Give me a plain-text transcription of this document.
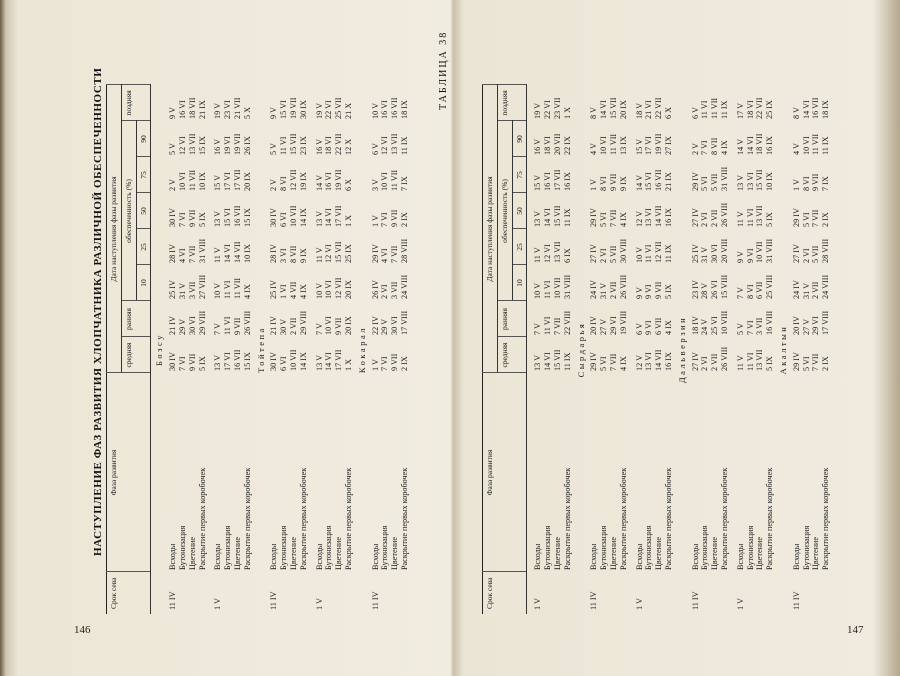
146
НАСТУПЛЕНИЕ ФАЗ РАЗВИТИЯ ХЛОПЧАТНИКА РАЗЛИЧНОЙ ОБЕСПЕЧЕННОСТИ	ТАБЛИЦА 38
Срок сева	Фаза развития	Дата наступления фазы развития							
		средняя	ранняя	обеспеченность (%)					поздняя
				10	25	50	75	90	
Бозсу									
11 IV	Всходы	30 IV	21 IV	25 IV	28 IV	30 IV	2 V	5 V	9 V
	Бутонизация	7 VI	29 V	31 V	4 VI	7 VI	10 VI	12 VI	16 VI
	Цветение	9 VII	30 VI	3 VII	7 VII	9 VII	11 VII	13 VII	18 VII
	Раскрытие первых коробочек	5 IX	29 VIII	27 VIII	31 VIII	5 IX	10 IX	15 IX	21 IX

1 V	Всходы	13 V	7 V	10 V	11 V	13 V	15 V	16 V	19 V
	Бутонизация	17 VI	11 VI	11 VI	14 VI	15 VI	17 VI	19 VI	23 VI
	Цветение	16 VII	9 VII	11 VII	14 VII	16 VII	17 VII	19 VII	21 VII
	Раскрытие первых коробочек	15 IX	26 VIII	4 IX	10 IX	15 IX	20 IX	26 IX	5 X
Тойтепа									
11 IV	Всходы	30 IV	21 IV	25 IV	28 IV	30 IV	2 V	5 V	9 V
	Бутонизация	6 VI	30 V	1 VI	3 VI	6 VI	8 VI	11 VI	15 VI
	Цветение	10 VII	2 VII	4 VII	8 VII	10 VII	12 VII	15 VII	19 VII
	Раскрытие первых коробочек	14 IX	29 VIII	4 IX	9 IX	14 IX	19 IX	23 IX	30 IX

1 V	Всходы	13 V	7 V	10 V	11 V	13 V	14 V	16 V	19 V
	Бутонизация	14 VI	10 VI	10 VI	12 VI	14 VI	16 VI	18 VI	22 VI
	Цветение	17 VII	9 VII	12 VII	15 VII	17 VII	19 VII	22 VII	25 VII
	Раскрытие первых коробочек	1 X	20 IX	20 IX	25 IX	1 X	6 X	12 X	21 X
Кокарал									
11 IV	Всходы	1 V	22 IV	26 IV	29 IV	1 V	3 V	6 V	10 V
	Бутонизация	7 VI	29 V	2 VI	4 VI	7 VI	10 VI	12 VI	16 VI
	Цветение	9 VII	30 VI	3 VII	7 VII	9 VII	11 VII	13 VII	16 VII
	Раскрытие первых коробочек	2 IX	17 VIII	24 VIII	28 VIII	2 IX	7 IX	11 IX	18 IX
147
Срок сева	Фаза развития	Дата наступления фазы развития							
		средняя	ранняя	обеспеченность (%)					поздняя
				10	25	50	75	90	

1 V	Всходы	13 V	7 V	10 V	11 V	13 V	15 V	16 V	19 V
	Бутонизация	14 VI	11 VI	11 VI	12 VI	14 VI	16 VI	18 VI	22 VI
	Цветение	15 VII	7 VII	10 VII	13 VII	15 VII	17 VII	20 VII	23 VII
	Раскрытие первых коробочек	11 IX	22 VIII	31 VIII	6 IX	11 IX	16 IX	22 IX	1 X
Сырдарья									
11 IV	Всходы	29 IV	20 IV	24 IV	27 IV	29 IV	1 V	4 V	8 V
	Бутонизация	5 VI	27 V	31 V	2 VI	5 VI	8 VI	10 VI	14 VI
	Цветение	7 VII	29 VI	2 VII	5 VII	7 VII	9 VII	11 VII	15 VII
	Раскрытие первых коробочек	4 IX	19 VIII	26 VIII	30 VIII	4 IX	9 IX	13 IX	20 IX

1 V	Всходы	12 V	6 V	9 V	10 V	12 V	14 V	15 V	18 V
	Бутонизация	13 VI	9 VI	9 VI	11 VI	13 VI	15 VI	17 VI	21 VI
	Цветение	14 VII	6 VII	9 VII	12 VII	14 VII	16 VII	19 VII	22 VII
	Раскрытие первых коробочек	16 IX	4 IX	5 IX	11 IX	16 IX	21 IX	27 IX	6 X
Дальверзин									
11 IV	Всходы	27 IV	18 IV	23 IV	25 IV	27 IV	29 IV	2 V	6 V
	Бутонизация	2 VI	24 V	28 V	31 V	2 VI	5 VI	7 VI	11 VI
	Цветение	2 VII	25 VI	26 VI	30 VI	2 VII	5 VII	8 VII	11 VII
	Раскрытие первых коробочек	26 VIII	10 VIII	15 VIII	20 VIII	26 VIII	31 VIII	4 IX	11 IX

1 V	Всходы	11 V	5 V	7 V	9 V	11 V	13 V	14 V	17 V
	Бутонизация	11 VI	7 VI	8 VI	9 VI	11 VI	13 VI	14 VI	18 VI
	Цветение	13 VII	3 VII	6 VII	10 VII	13 VII	15 VII	18 VII	22 VII
	Раскрытие первых коробочек	5 IX	16 VIII	25 VIII	31 VIII	5 IX	10 IX	16 IX	25 IX
Акалтын									
11 IV	Всходы	29 IV	20 IV	24 IV	27 IV	29 IV	1 V	4 V	8 V
	Бутонизация	5 VI	27 V	31 V	2 VI	5 VI	8 VI	10 VI	14 VI
	Цветение	7 VII	29 VI	2 VII	5 VII	7 VII	9 VII	11 VII	16 VII
	Раскрытие первых коробочек	2 IX	17 VIII	24 VIII	28 VIII	2 IX	7 IX	11 IX	18 IX
